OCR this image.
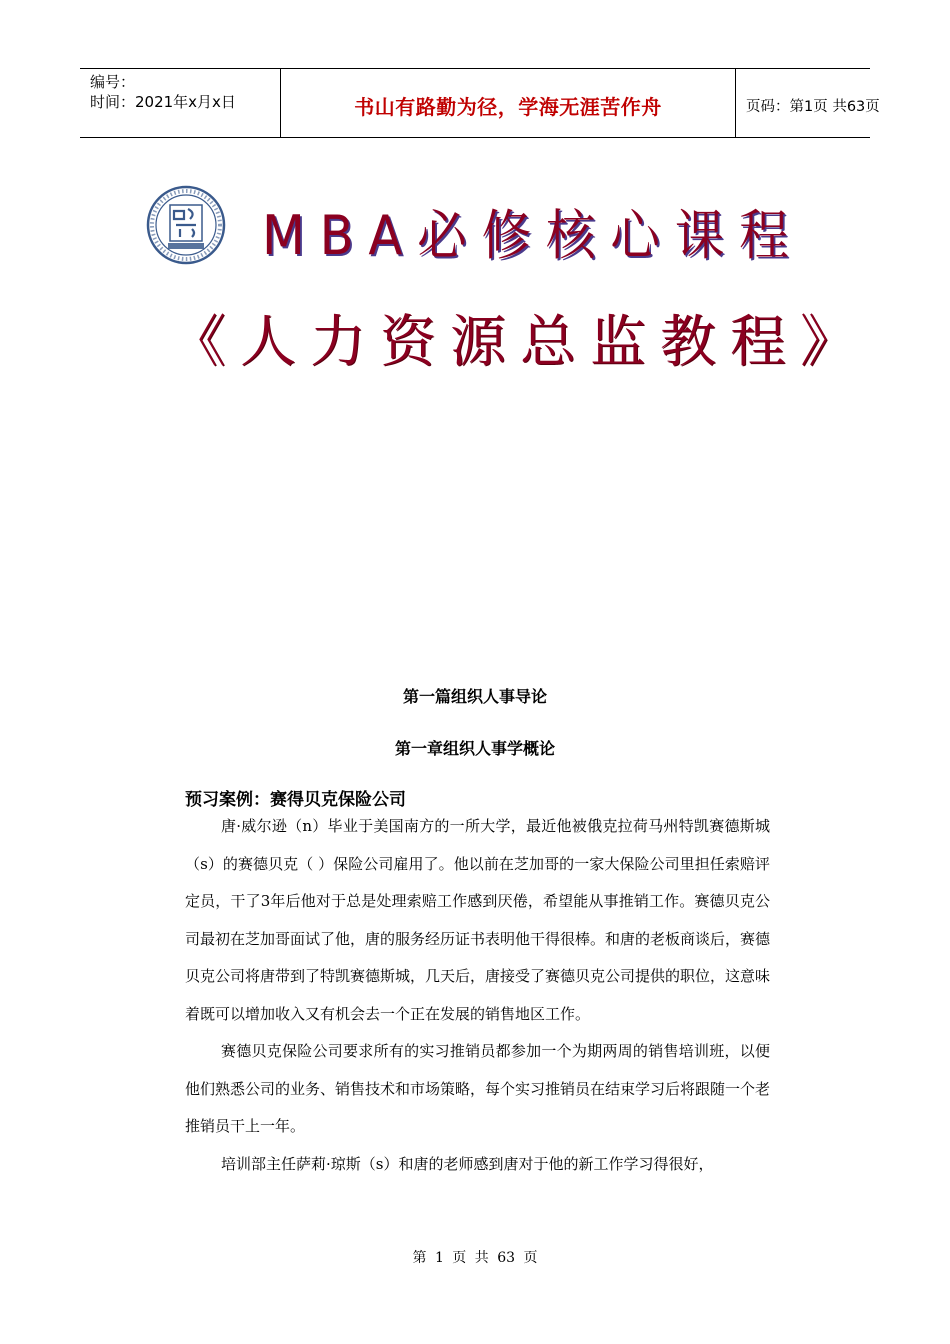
编号：
时间：2021年x月x日	书山有路勤为径，学海无涯苦作舟	页码：第1页 共63页
MBA必修核心课程
《人力资源总监教程》
第一篇组织人事导论
第一章组织人事学概论
预习案例：赛得贝克保险公司

唐·威尔逊（n）毕业于美国南方的一所大学，最近他被俄克拉荷马州特凯赛德斯城（s）的赛德贝克（ ）保险公司雇用了。他以前在芝加哥的一家大保险公司里担任索赔评定员，干了3年后他对于总是处理索赔工作感到厌倦，希望能从事推销工作。赛德贝克公司最初在芝加哥面试了他，唐的服务经历证书表明他干得很棒。和唐的老板商谈后，赛德贝克公司将唐带到了特凯赛德斯城，几天后，唐接受了赛德贝克公司提供的职位，这意味着既可以增加收入又有机会去一个正在发展的销售地区工作。

赛德贝克保险公司要求所有的实习推销员都参加一个为期两周的销售培训班，以便他们熟悉公司的业务、销售技术和市场策略，每个实习推销员在结束学习后将跟随一个老推销员干上一年。

培训部主任萨莉·琼斯（s）和唐的老师感到唐对于他的新工作学习得很好，

第 1 页 共 63 页
